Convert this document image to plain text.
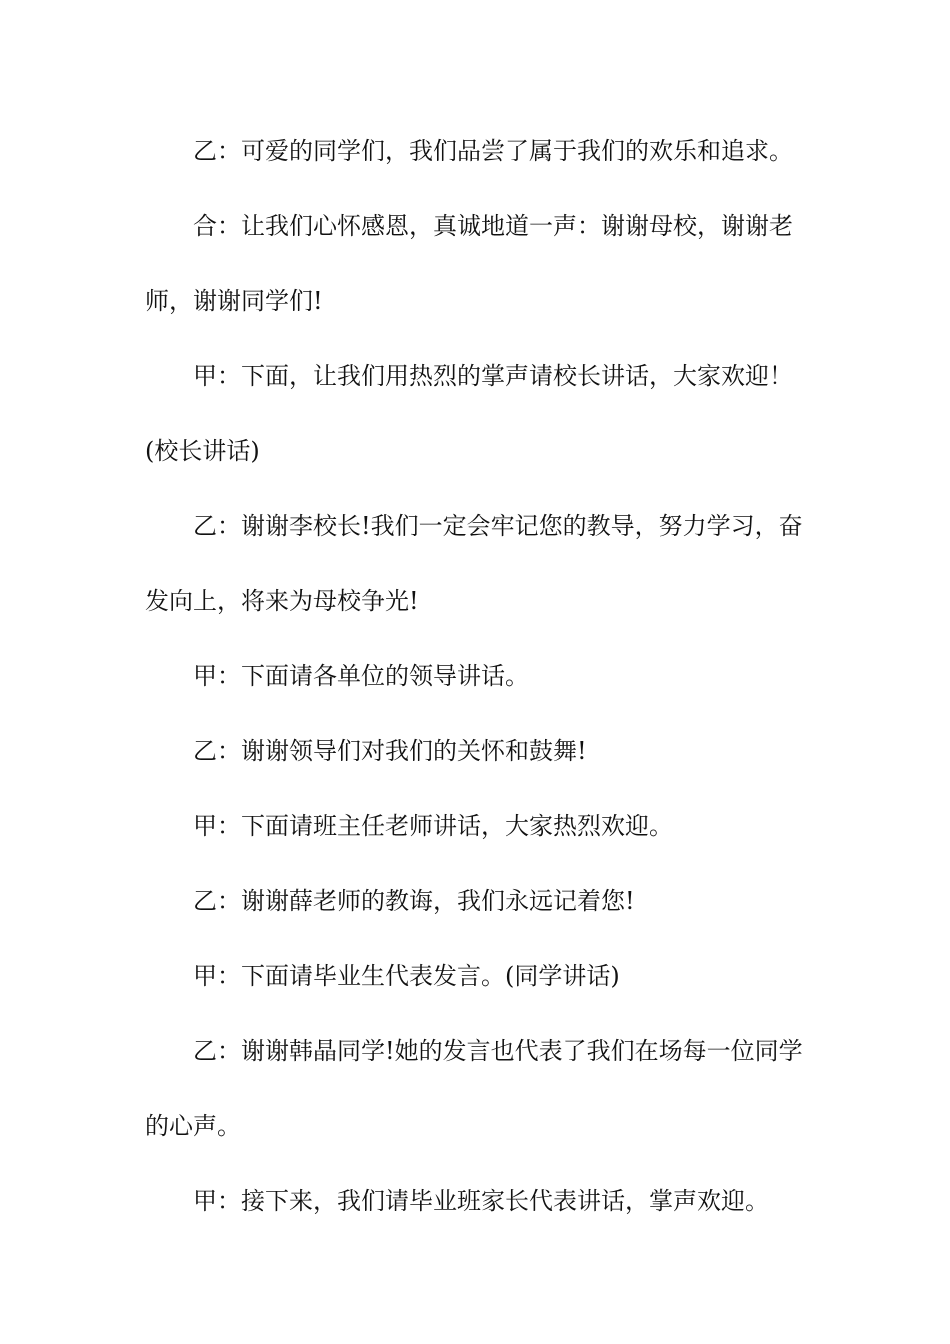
乙：可爱的同学们，我们品尝了属于我们的欢乐和追求。
合：让我们心怀感恩，真诚地道一声：谢谢母校，谢谢老
师，谢谢同学们!
甲：下面，让我们用热烈的掌声请校长讲话，大家欢迎！
(校长讲话)
乙：谢谢李校长!我们一定会牢记您的教导，努力学习，奋
发向上，将来为母校争光!
甲：下面请各单位的领导讲话。
乙：谢谢领导们对我们的关怀和鼓舞!
甲：下面请班主任老师讲话，大家热烈欢迎。
乙：谢谢薛老师的教诲，我们永远记着您!
甲：下面请毕业生代表发言。(同学讲话)
乙：谢谢韩晶同学!她的发言也代表了我们在场每一位同学
的心声。
甲：接下来，我们请毕业班家长代表讲话，掌声欢迎。
